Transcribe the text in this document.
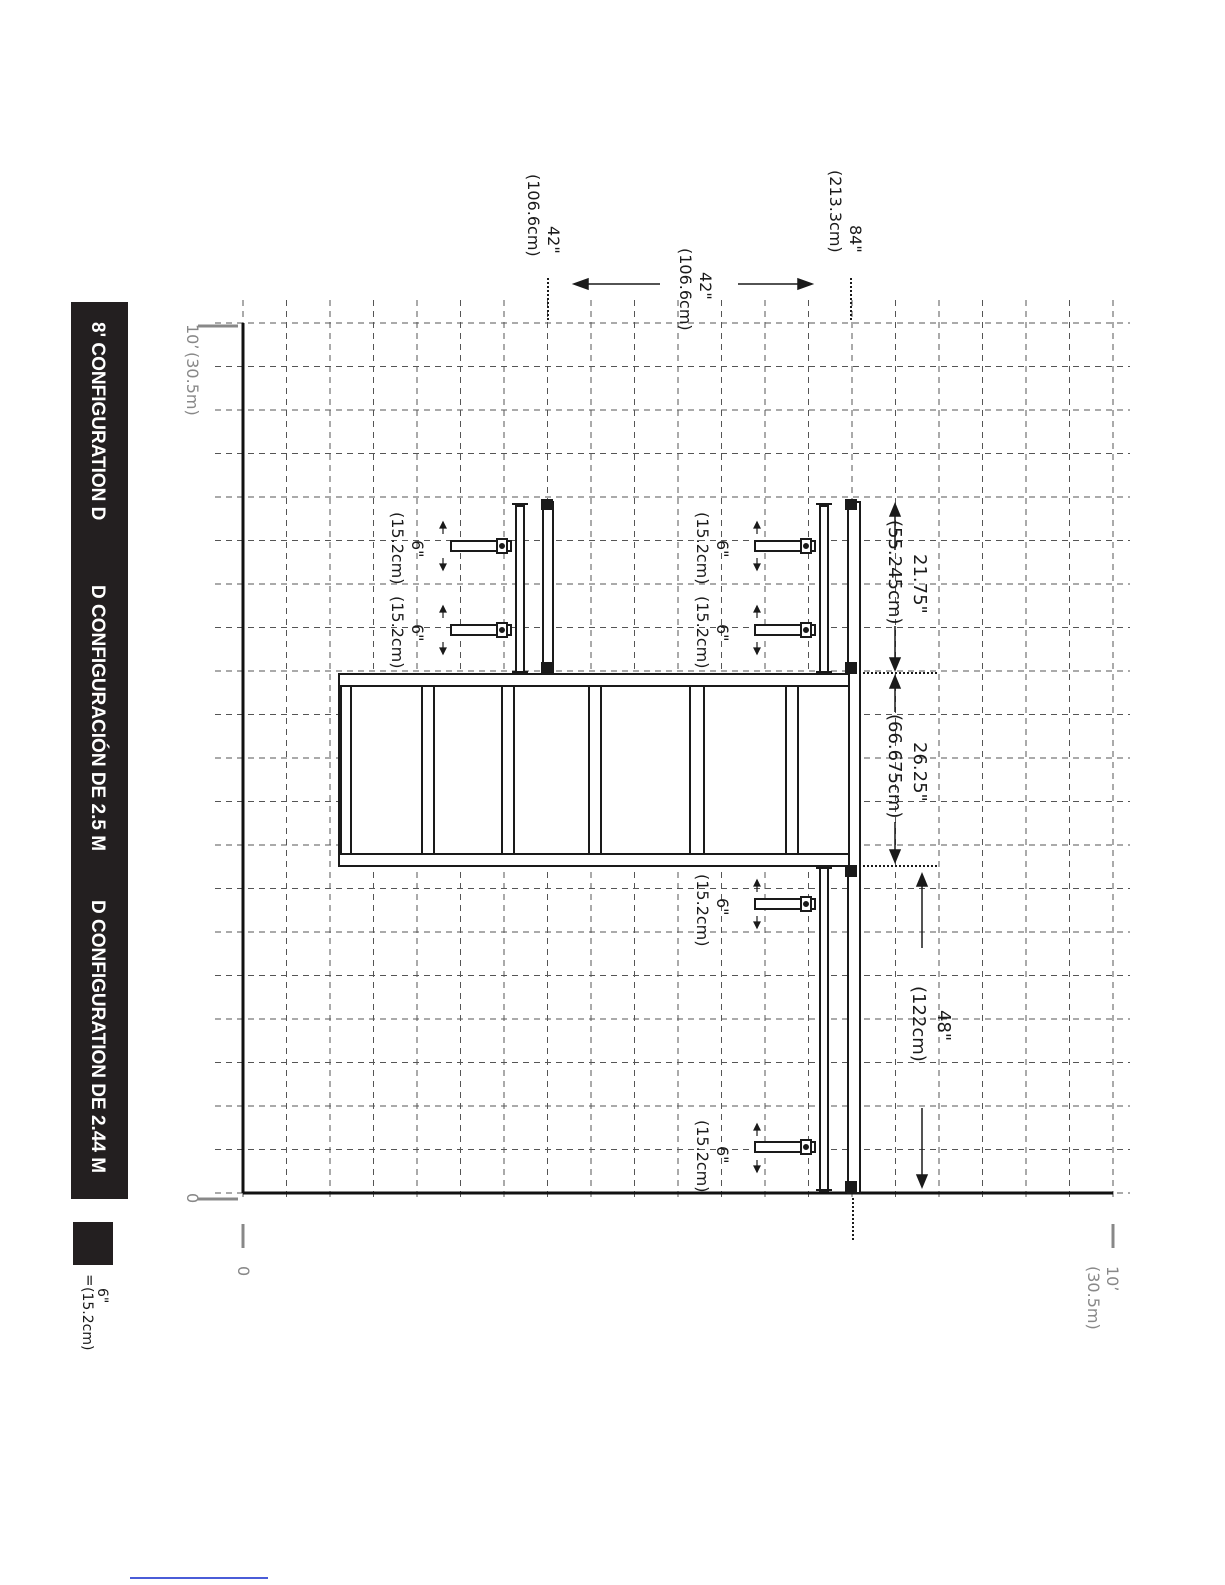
8' CONFIGURATION D
D CONFIGURACIÓN DE 2.5 M
D CONFIGURATION DE 2.44 M
=
6"
(15.2cm)
10’
(30.5m)
0
0	10’
(30.5m)
84"
(213.3cm)
42"
(106.6cm)
42"
(106.6cm)
21.75"
(55.245cm)
26.25"
(66.675cm)
48"
(122cm)
6"
(15.2cm)
6"
(15.2cm)
6"
(15.2cm)
6"
(15.2cm)
6"
(15.2cm)
6"
(15.2cm)
